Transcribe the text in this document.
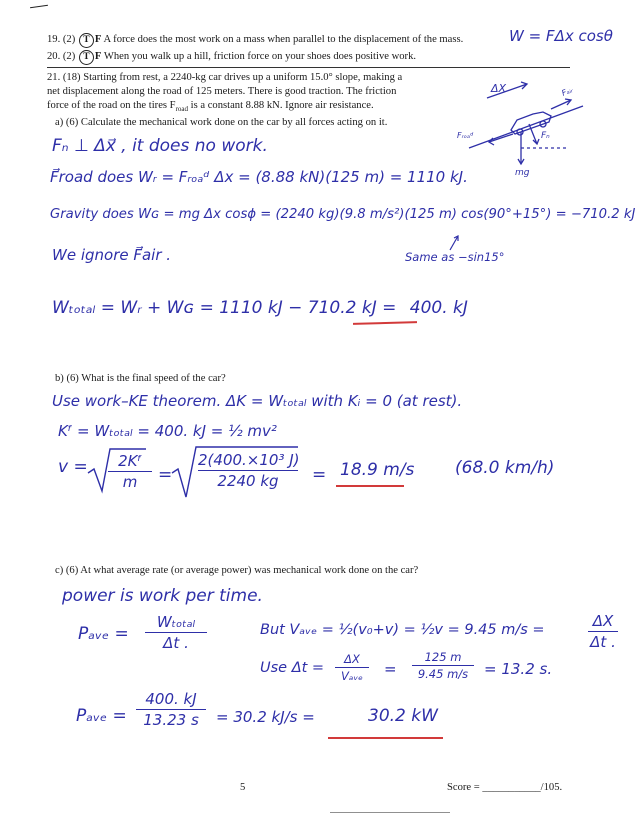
19. (2) T F A force does the most work on a mass when parallel to the displacement of the mass.	W = FΔx cosθ
20. (2) T F When you walk up a hill, friction force on your shoes does positive work.
21. (18) Starting from rest, a 2240-kg car drives up a uniform 15.0° slope, making a
net displacement along the road of 125 meters. There is good traction. The friction
force of the road on the tires $F_{road}$ is a constant 8.88 kN. Ignore air resistance.
ΔX	Fₐᵢᵣ
Fᵣₒₐᵈ	Fₙ
mg
a) (6) Calculate the mechanical work done on the car by all forces acting on it.
Fₙ ⊥ Δx⃗ , it does no work.
F⃗road does Wᵣ = Fᵣₒₐᵈ Δx = (8.88 kN)(125 m) = 1110 kJ.
Gravity does Wɢ = mg Δx cosϕ = (2240 kg)(9.8 m/s²)(125 m) cos(90°+15°) = −710.2 kJ
We ignore F⃗air .	Same as −sin15°
Wₜₒₜₐₗ = Wᵣ + Wɢ = 1110 kJ − 710.2 kJ = 400. kJ
b) (6) What is the final speed of the car?
Use work–KE theorem. ΔK = Wₜₒₜₐₗ with Kᵢ = 0 (at rest).
Kᶠ = Wₜₒₜₐₗ = 400. kJ = ½ mv²
v =	2Kᶠ
m	=
2(400.×10³ J)
2240 kg	= 18.9 m/s (68.0 km/h)
c) (6) At what average rate (or average power) was mechanical work done on the car?
power is work per time.
Pₐᵥₑ =
Wₜₒₜₐₗ
Δt .
But Vₐᵥₑ = ½(v₀+v) = ½v = 9.45 m/s =	ΔX
Δt .
Use Δt =
ΔX
Vₐᵥₑ	=
125 m
9.45 m/s	= 13.2 s.
Pₐᵥₑ =
400. kJ
13.23 s	= 30.2 kJ/s =	30.2 kW
5	Score = ___________/105.
